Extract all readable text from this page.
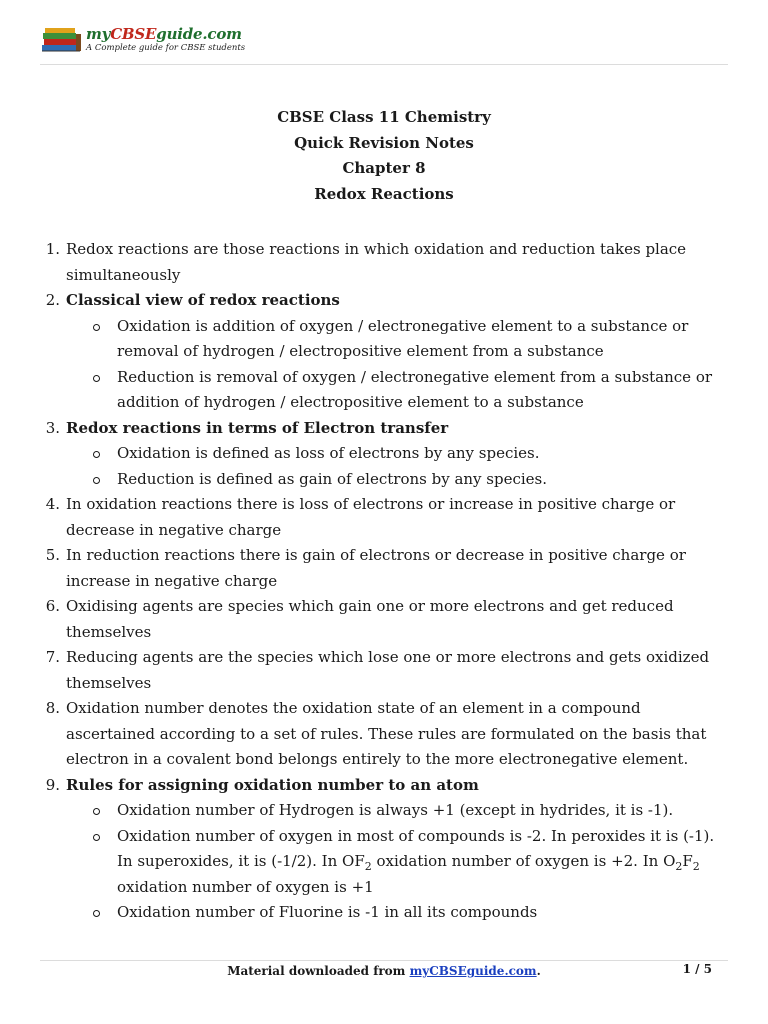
myCBSEguide.com
A Complete guide for CBSE students
CBSE Class 11 Chemistry
Quick Revision Notes
Chapter 8
Redox Reactions
1. Redox reactions are those reactions in which oxidation and reduction takes place simultaneously
2. Classical view of redox reactions
Oxidation is addition of oxygen / electronegative element to a substance or removal of hydrogen / electropositive element from a substance
Reduction is removal of oxygen / electronegative element from a substance or addition of hydrogen / electropositive element to a substance
3. Redox reactions in terms of Electron transfer
Oxidation is defined as loss of electrons by any species.
Reduction is defined as gain of electrons by any species.
4. In oxidation reactions there is loss of electrons or increase in positive charge or decrease in negative charge
5. In reduction reactions there is gain of electrons or decrease in positive charge or increase in negative charge
6. Oxidising agents are species which gain one or more electrons and get reduced themselves
7. Reducing agents are the species which lose one or more electrons and gets oxidized themselves
8. Oxidation number denotes the oxidation state of an element in a compound ascertained according to a set of rules. These rules are formulated on the basis that electron in a covalent bond belongs entirely to the more electronegative element.
9. Rules for assigning oxidation number to an atom
Oxidation number of Hydrogen is always +1 (except in hydrides, it is -1).
Oxidation number of oxygen in most of compounds is -2. In peroxides it is (-1). In superoxides, it is (-1/2). In $OF_2$ oxidation number of oxygen is +2. In $O_2F_2$ oxidation number of oxygen is +1
Oxidation number of Fluorine is -1 in all its compounds
Material downloaded from myCBSEguide.com.	1 / 5
